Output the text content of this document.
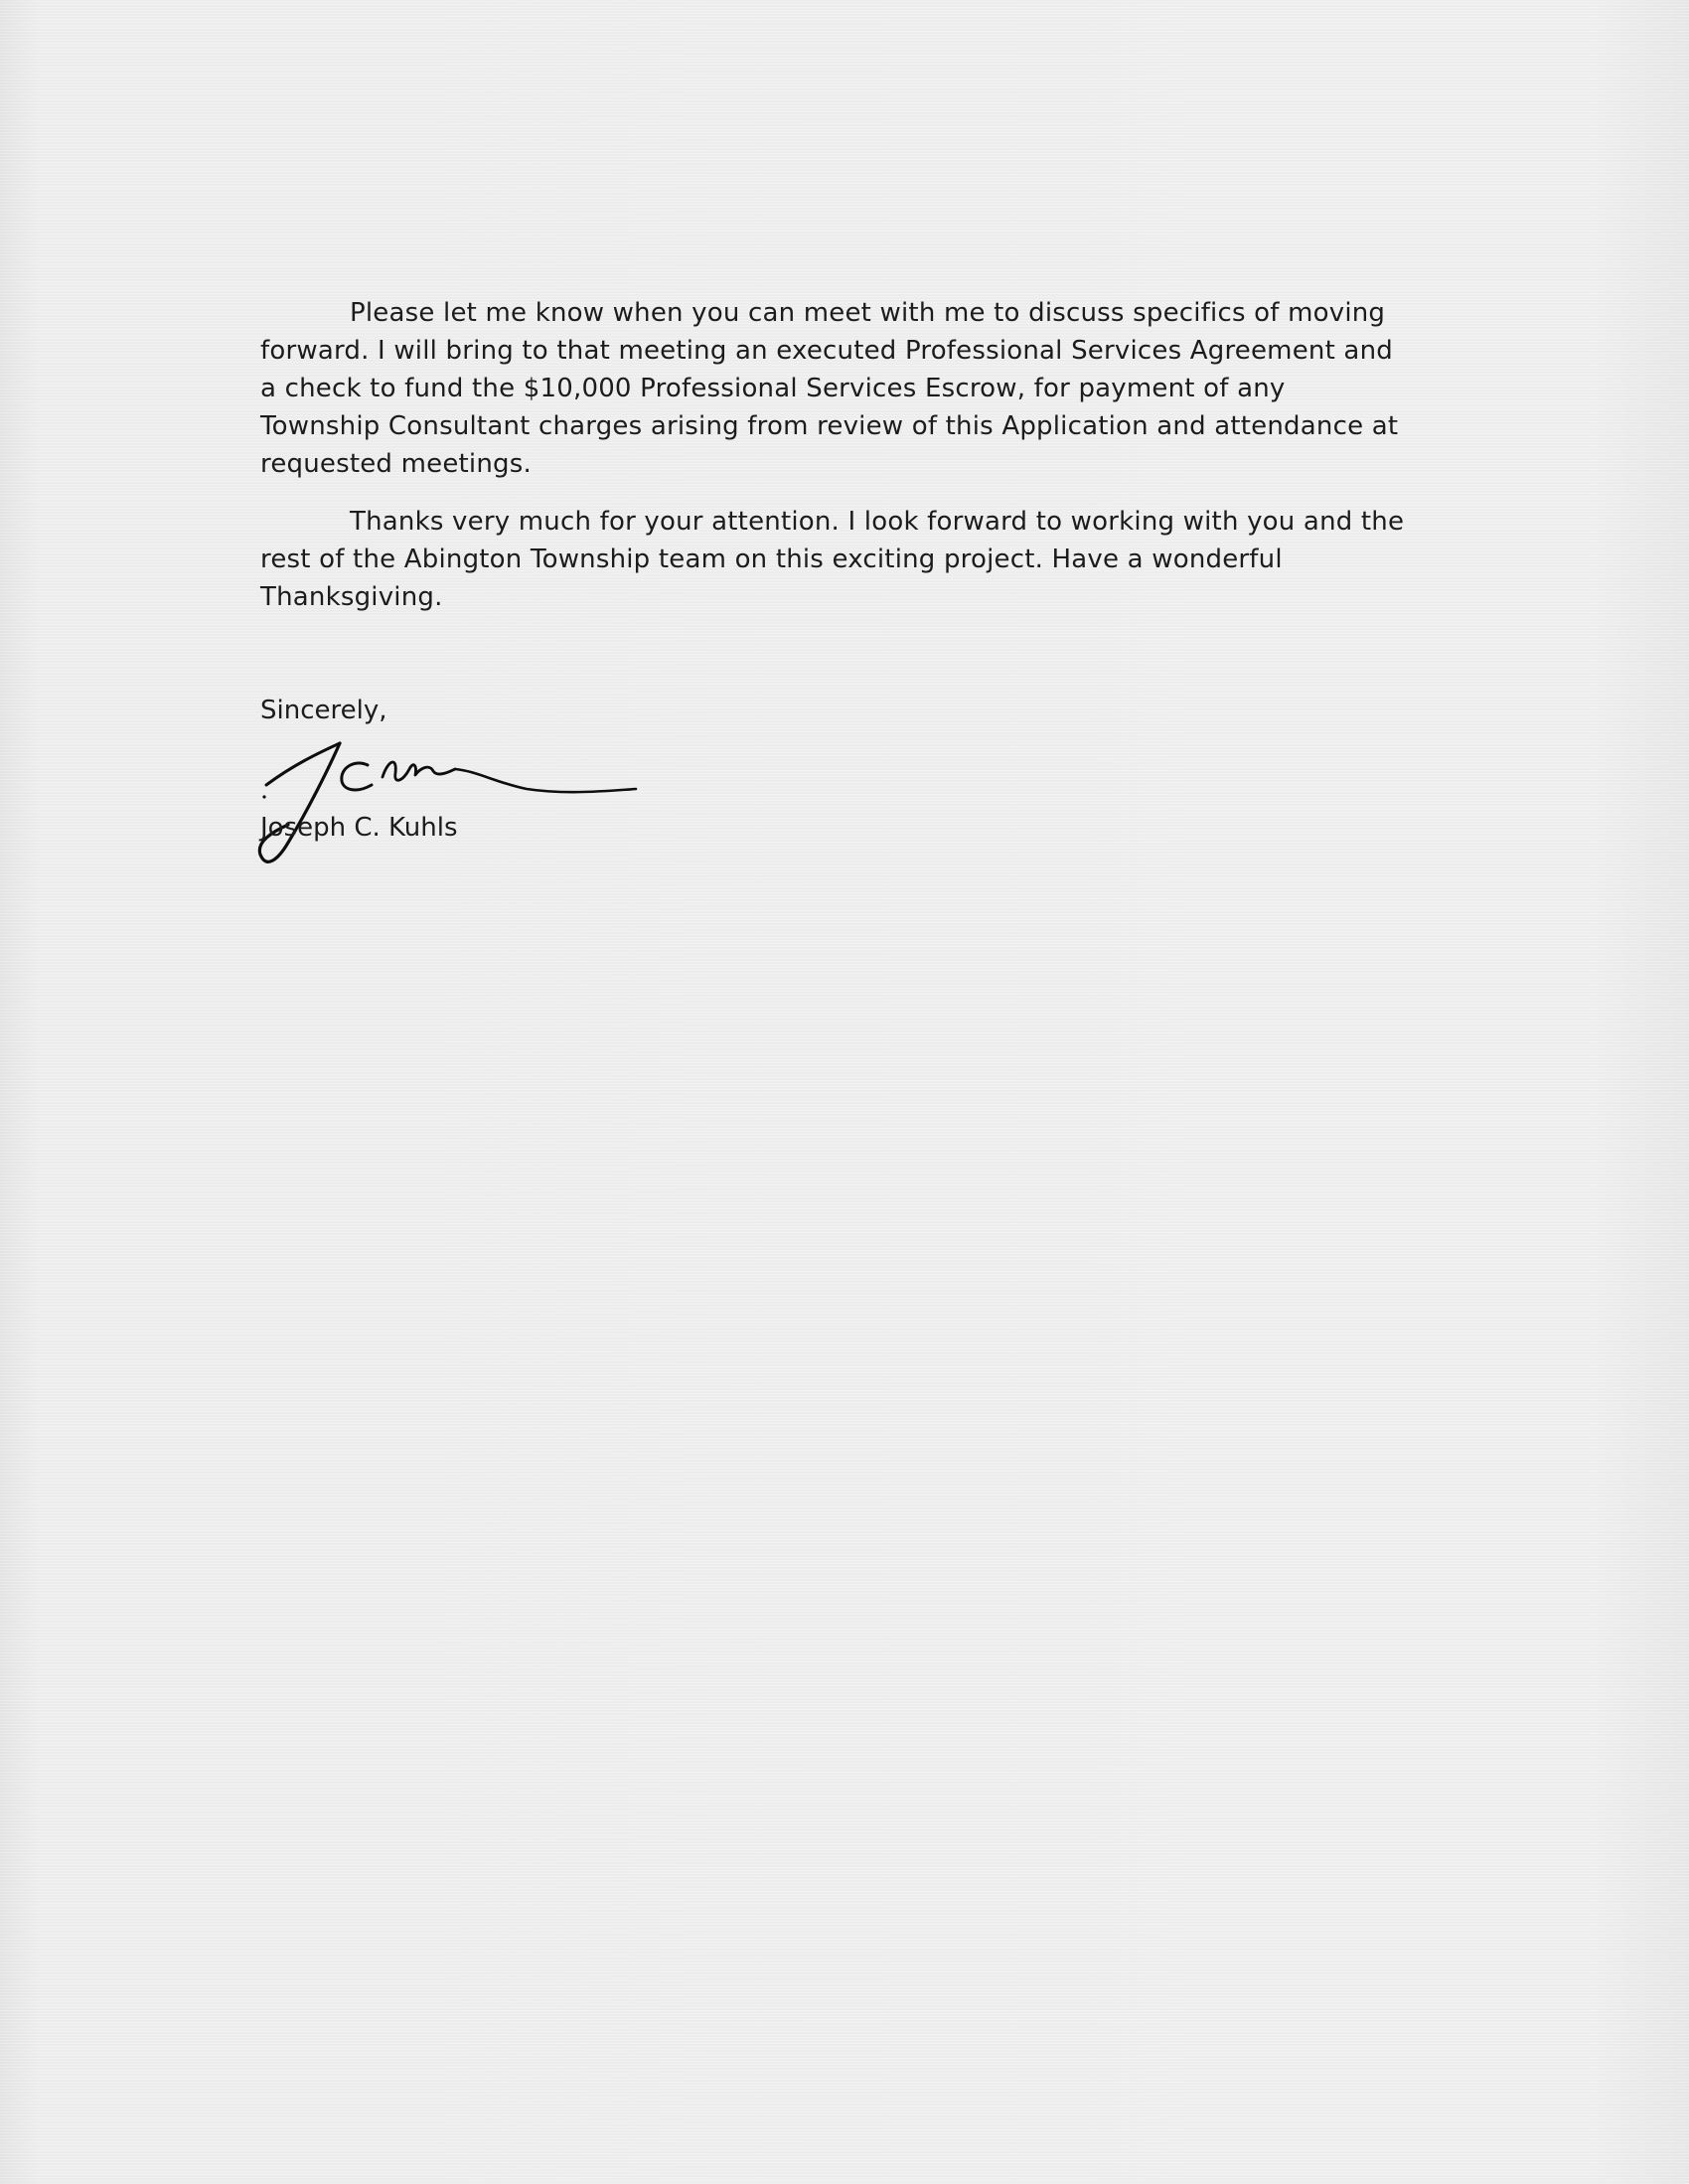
Please let me know when you can meet with me to discuss specifics of moving forward. I will bring to that meeting an executed Professional Services Agreement and a check to fund the $10,000 Professional Services Escrow, for payment of any Township Consultant charges arising from review of this Application and attendance at requested meetings.

Thanks very much for your attention. I look forward to working with you and the rest of the Abington Township team on this exciting project. Have a wonderful Thanksgiving.

Sincerely,
Joseph C. Kuhls
